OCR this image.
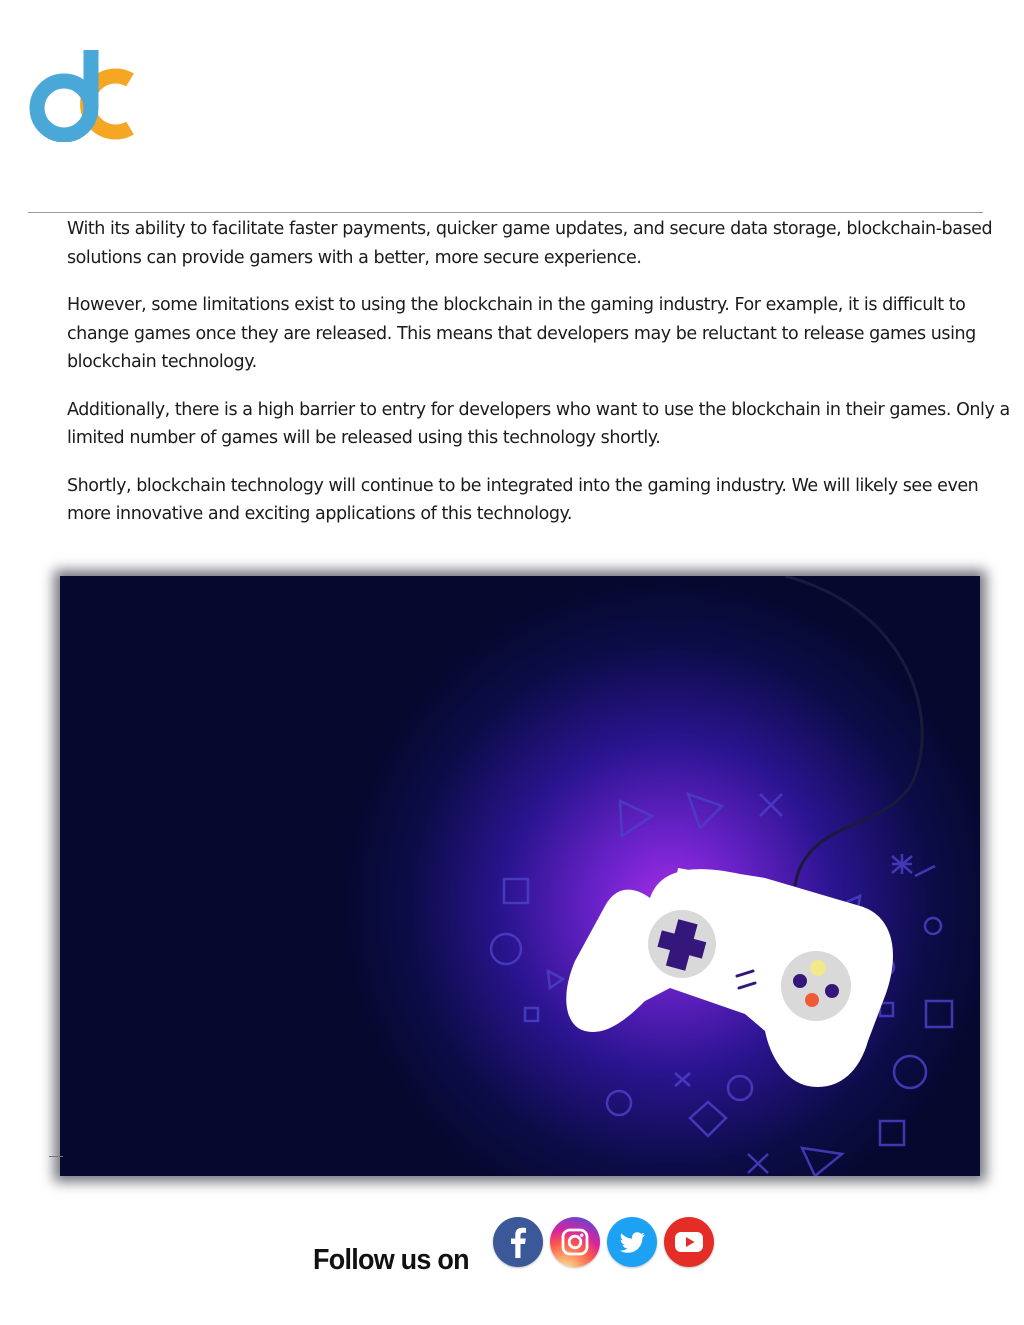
With its ability to facilitate faster payments, quicker game updates, and secure data storage, blockchain-based solutions can provide gamers with a better, more secure experience.

However, some limitations exist to using the blockchain in the gaming industry. For example, it is difficult to change games once they are released. This means that developers may be reluctant to release games using blockchain technology.

Additionally, there is a high barrier to entry for developers who want to use the blockchain in their games. Only a limited number of games will be released using this technology shortly.

Shortly, blockchain technology will continue to be integrated into the gaming industry. We will likely see even more innovative and exciting applications of this technology.

Follow us on
